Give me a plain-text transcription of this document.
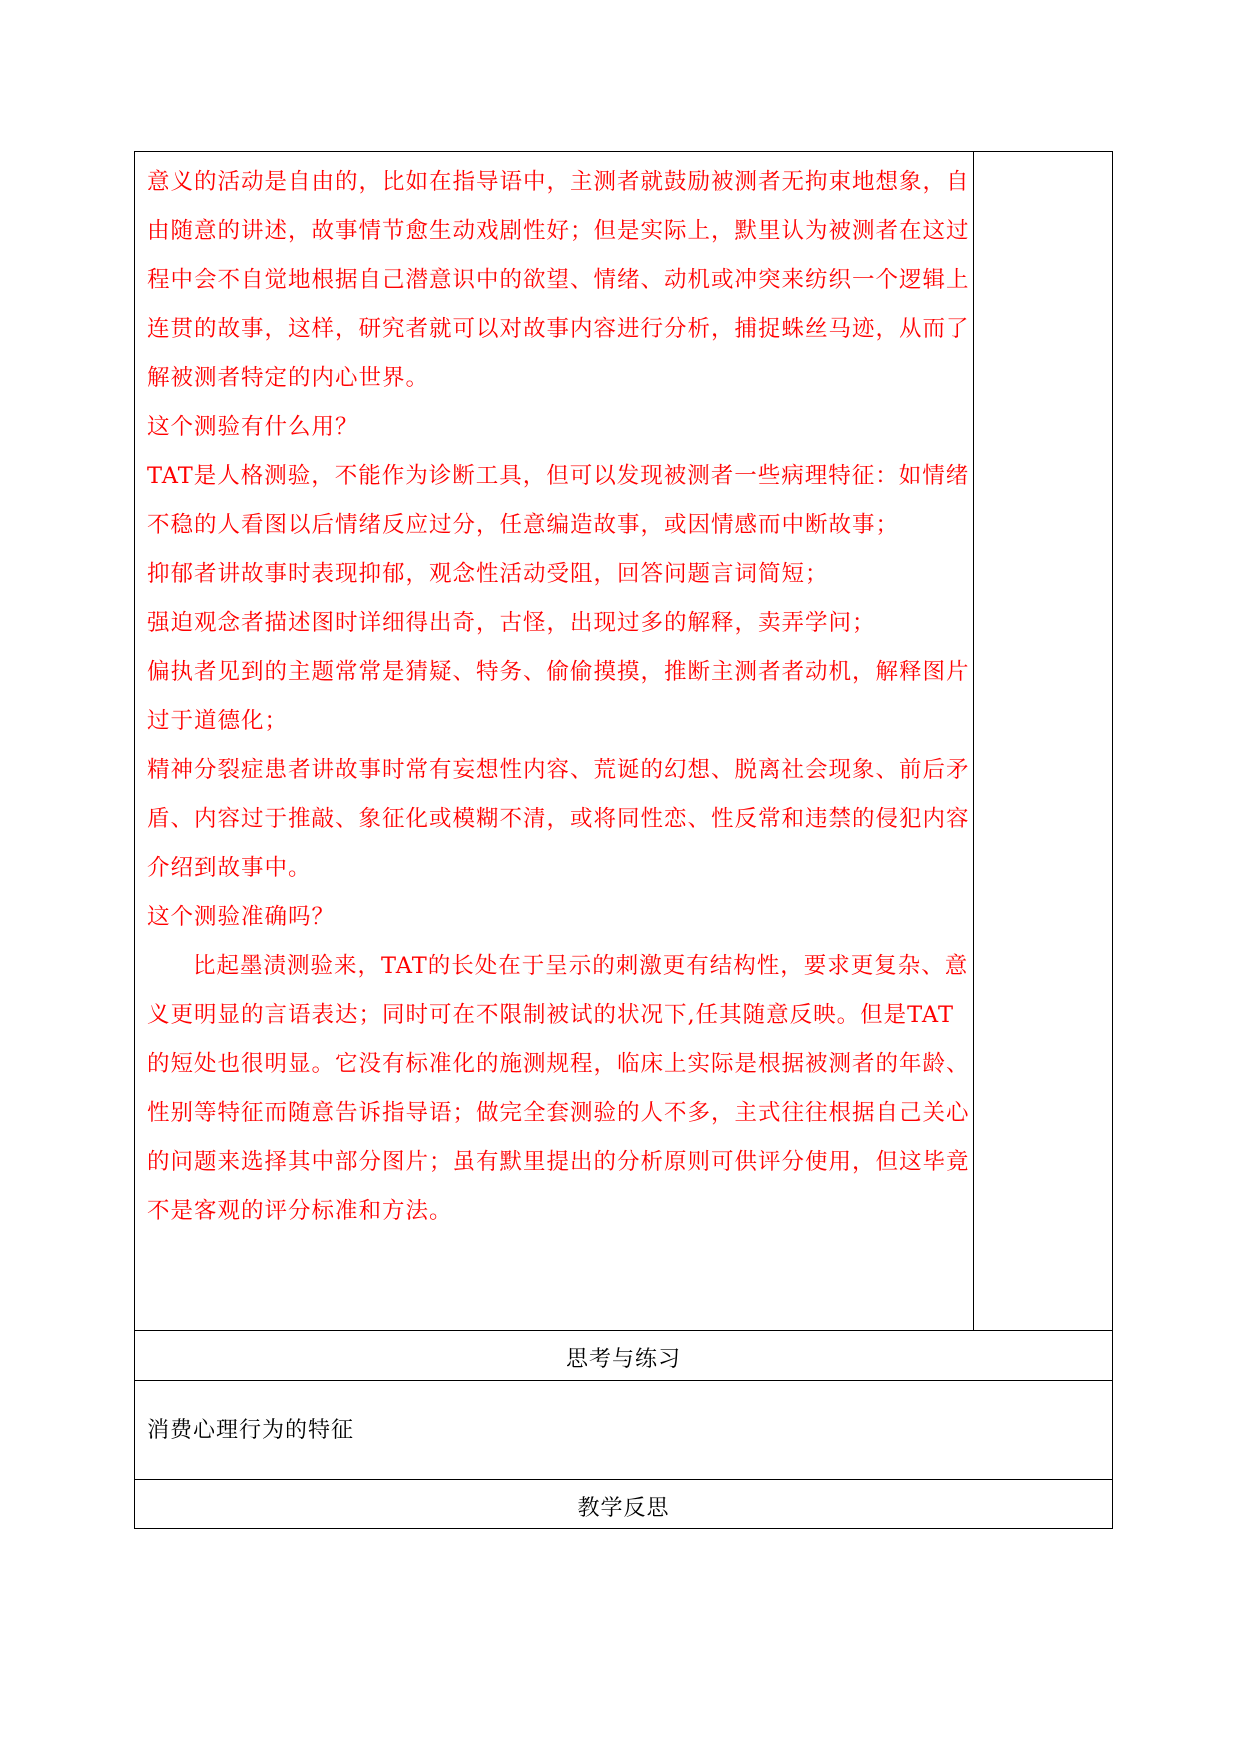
意义的活动是自由的，比如在指导语中，主测者就鼓励被测者无拘束地想象，自由随意的讲述，故事情节愈生动戏剧性好；但是实际上，默里认为被测者在这过程中会不自觉地根据自己潜意识中的欲望、情绪、动机或冲突来纺织一个逻辑上连贯的故事，这样，研究者就可以对故事内容进行分析，捕捉蛛丝马迹，从而了解被测者特定的内心世界。

这个测验有什么用？

TAT是人格测验，不能作为诊断工具，但可以发现被测者一些病理特征：如情绪不稳的人看图以后情绪反应过分，任意编造故事，或因情感而中断故事；

抑郁者讲故事时表现抑郁，观念性活动受阻，回答问题言词简短；

强迫观念者描述图时详细得出奇，古怪，出现过多的解释，卖弄学问；

偏执者见到的主题常常是猜疑、特务、偷偷摸摸，推断主测者者动机，解释图片过于道德化；

精神分裂症患者讲故事时常有妄想性内容、荒诞的幻想、脱离社会现象、前后矛盾、内容过于推敲、象征化或模糊不清，或将同性恋、性反常和违禁的侵犯内容介绍到故事中。

这个测验准确吗？

比起墨渍测验来，TAT的长处在于呈示的刺激更有结构性，要求更复杂、意义更明显的言语表达；同时可在不限制被试的状况下,任其随意反映。但是TAT的短处也很明显。它没有标准化的施测规程，临床上实际是根据被测者的年龄、性别等特征而随意告诉指导语；做完全套测验的人不多，主式往往根据自己关心的问题来选择其中部分图片；虽有默里提出的分析原则可供评分使用，但这毕竟不是客观的评分标准和方法。

思考与练习
消费心理行为的特征
教学反思
